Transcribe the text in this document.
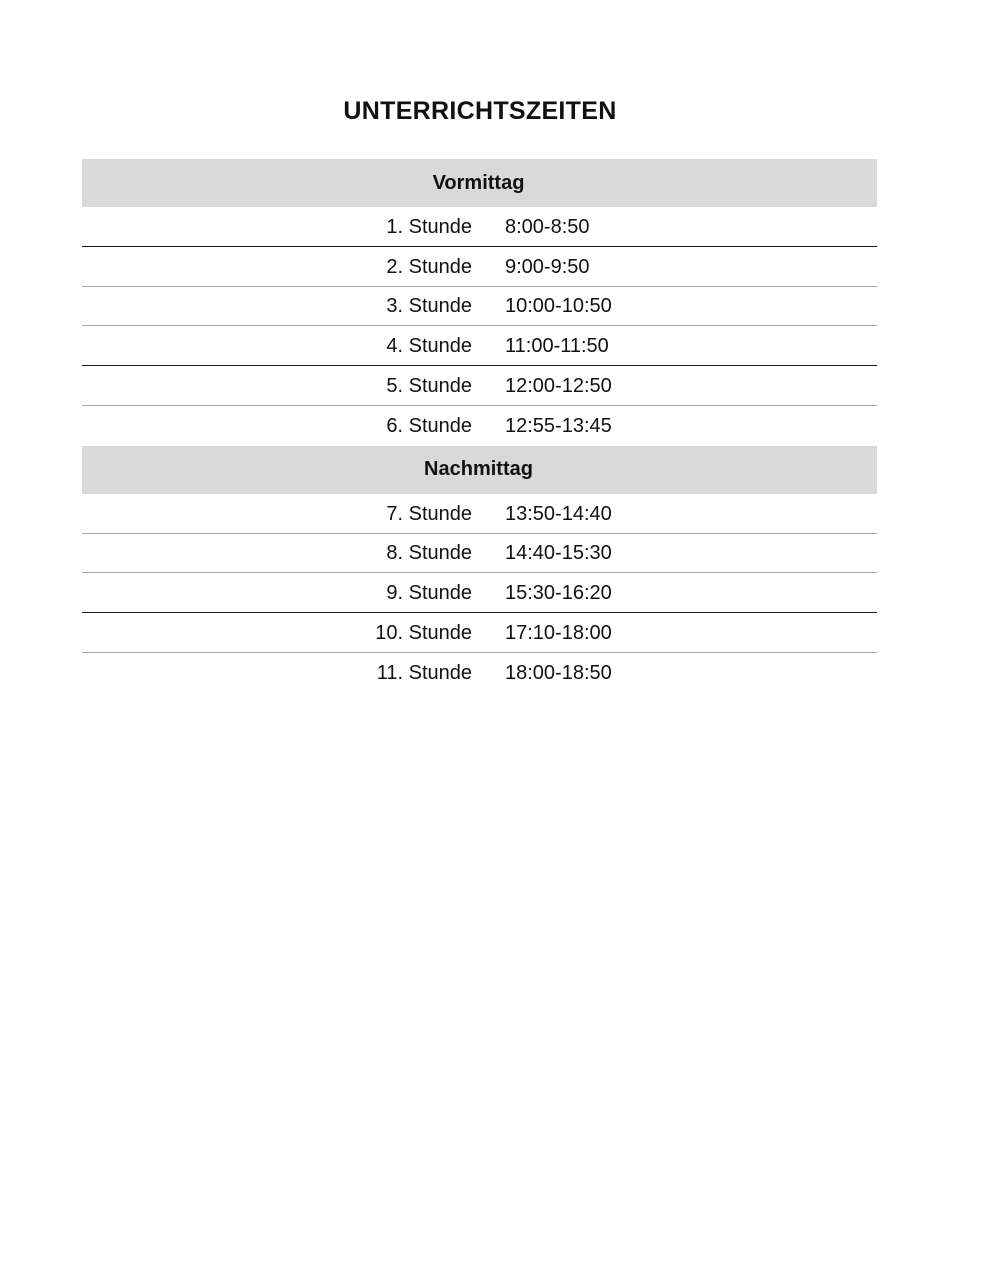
UNTERRICHTSZEITEN
Vormittag
1. Stunde 8:00-8:50
2. Stunde 9:00-9:50
3. Stunde 10:00-10:50
4. Stunde 11:00-11:50
5. Stunde 12:00-12:50
6. Stunde 12:55-13:45
Nachmittag
7. Stunde 13:50-14:40
8. Stunde 14:40-15:30
9. Stunde 15:30-16:20
10. Stunde 17:10-18:00
11. Stunde 18:00-18:50
